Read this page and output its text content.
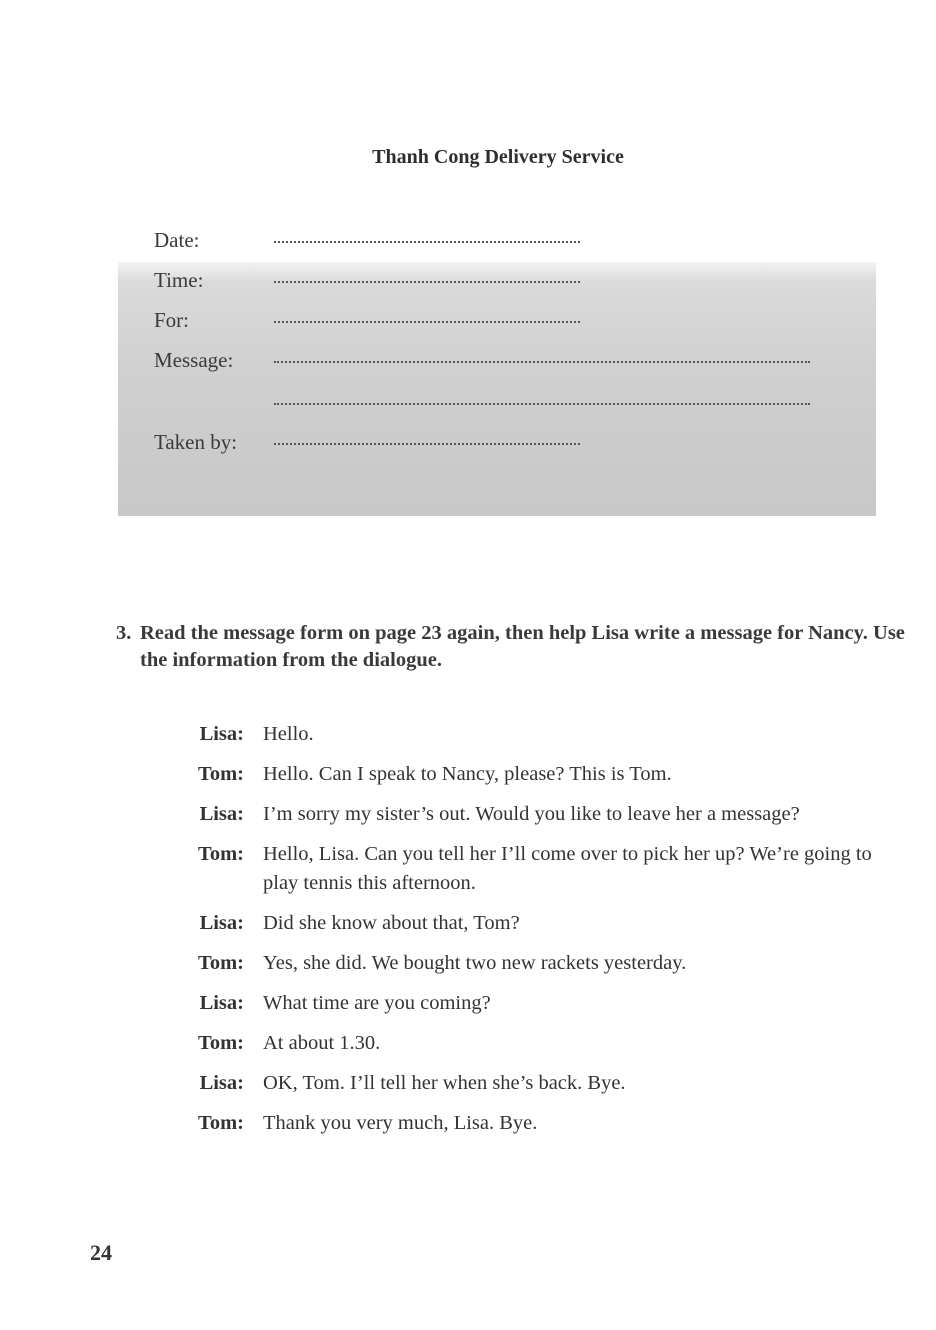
Thanh Cong Delivery Service
Date:
Time:
For:
Message:
Taken by:
3. Read the message form on page 23 again, then help Lisa write a message for Nancy. Use the information from the dialogue.
Lisa: Hello.
Tom: Hello. Can I speak to Nancy, please? This is Tom.
Lisa: I’m sorry my sister’s out. Would you like to leave her a message?
Tom: Hello, Lisa. Can you tell her I’ll come over to pick her up? We’re going to play tennis this afternoon.
Lisa: Did she know about that, Tom?
Tom: Yes, she did. We bought two new rackets yesterday.
Lisa: What time are you coming?
Tom: At about 1.30.
Lisa: OK, Tom. I’ll tell her when she’s back. Bye.
Tom: Thank you very much, Lisa. Bye.
24
